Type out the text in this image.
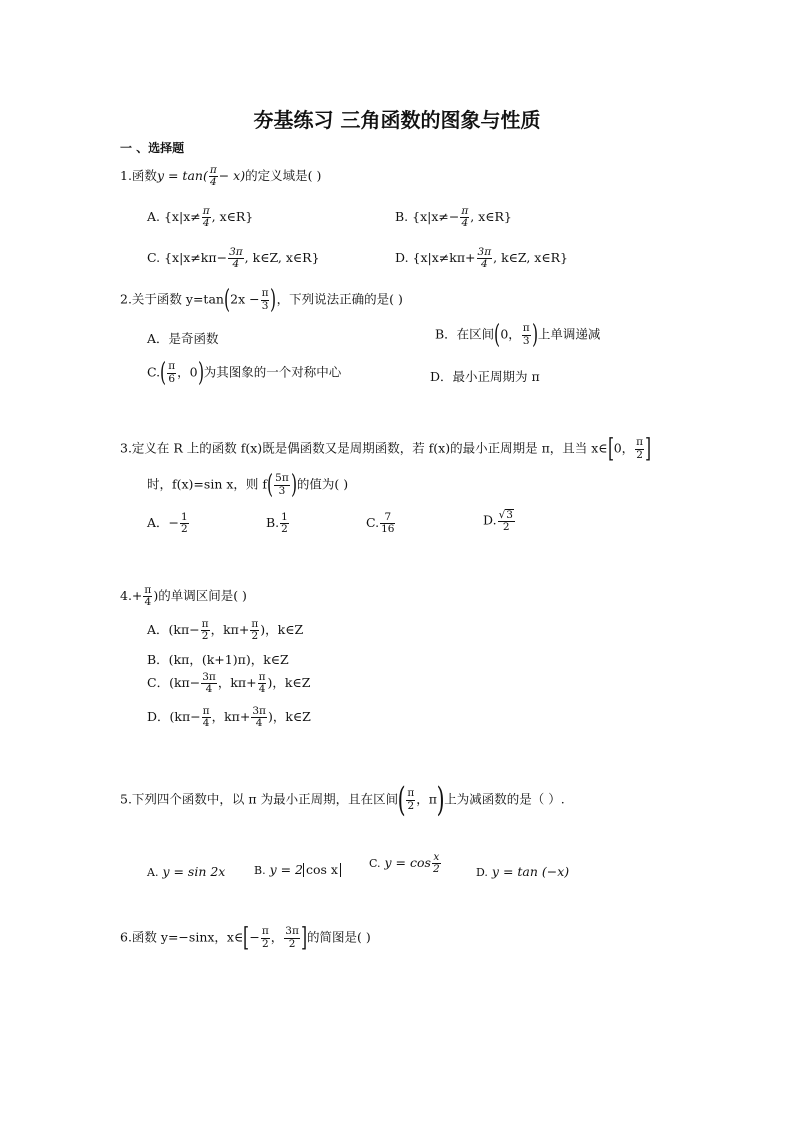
夯基练习 三角函数的图象与性质
一 、选择题
1.函数$y = \tan( \frac{\pi}{4} - x)$的定义域是( )
A. {$x|x\ne \frac{\pi}{4}$ , x∈R}	B. {$x|x\ne- \frac{\pi}{4}$ , x∈R}
C. {$x|x\ne k\pi- \frac{3\pi}{4}$ , k∈Z, x∈R}	D. {$x|x\ne k\pi+ \frac{3\pi}{4}$ , k∈Z, x∈R}
2.关于函数 $y=\tan(2x - \frac{\pi}{3}$ )，下列说法正确的是( )
A．是奇函数	B．在区间(0， $\frac{\pi}{3}$ )上单调递减
$C.( \frac{\pi}{6}$ ，0)为其图象的一个对称中心	D．最小正周期为 π
3.定义在 R 上的函数 f(x)既是偶函数又是周期函数，若 f(x)的最小正周期是 π，且当 x∈[0， $\frac{\pi}{2}$ ]
时，f(x)=sin x，则 $f( \frac{5\pi}{3}$ )的值为( )
A．− $\frac{1}{2}$	B. $\frac{1}{2}$	C. $\frac{7}{16}$	D. $\frac{√3}{2}$
$4.+ \frac{\pi}{4}$ )的单调区间是( )
A．($k\pi- \frac{\pi}{2}$ ，$k\pi+ \frac{\pi}{2}$ )，k∈Z
B．(kπ，(k+1)π)，k∈Z
C．($k\pi- \frac{3\pi}{4}$ ，$k\pi+ \frac{\pi}{4}$ )，k∈Z
D．($k\pi- \frac{\pi}{4}$ ，$k\pi+ \frac{3\pi}{4}$ )，k∈Z
5.下列四个函数中，以 π 为最小正周期，且在区间( $\frac{\pi}{2}$ ，π)上为减函数的是（ ）.
A. y = sin 2x	B. y = 2 cos x	C. $y = \cos \frac{x}{2}$	D. y = tan (−x)
6.函数 y=−sinx，x∈[− $\frac{\pi}{2}$ ， $\frac{3\pi}{2}$ ]的简图是( )
